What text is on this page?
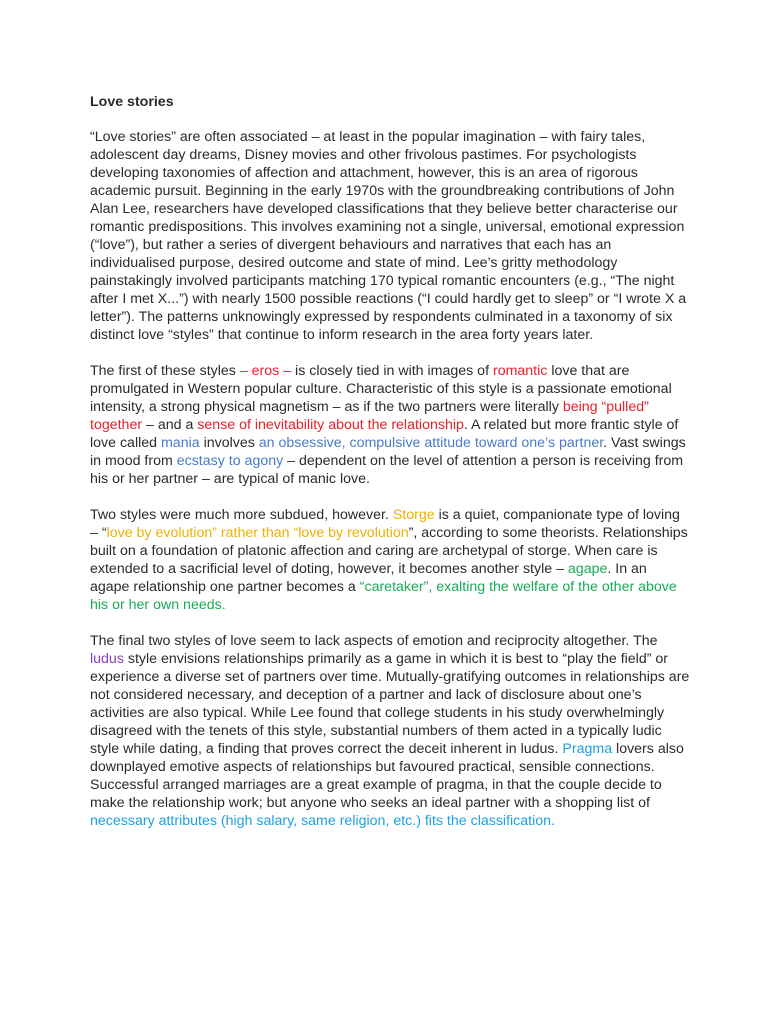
Love stories
“Love stories” are often associated – at least in the popular imagination – with fairy tales, adolescent day dreams, Disney movies and other frivolous pastimes. For psychologists developing taxonomies of affection and attachment, however, this is an area of rigorous academic pursuit. Beginning in the early 1970s with the groundbreaking contributions of John Alan Lee, researchers have developed classifications that they believe better characterise our romantic predispositions. This involves examining not a single, universal, emotional expression (“love”), but rather a series of divergent behaviours and narratives that each has an individualised purpose, desired outcome and state of mind. Lee’s gritty methodology painstakingly involved participants matching 170 typical romantic encounters (e.g., “The night after I met X...”) with nearly 1500 possible reactions (“I could hardly get to sleep” or “I wrote X a letter”). The patterns unknowingly expressed by respondents culminated in a taxonomy of six distinct love “styles” that continue to inform research in the area forty years later.
The first of these styles – eros – is closely tied in with images of romantic love that are promulgated in Western popular culture. Characteristic of this style is a passionate emotional intensity, a strong physical magnetism – as if the two partners were literally being “pulled” together – and a sense of inevitability about the relationship. A related but more frantic style of love called mania involves an obsessive, compulsive attitude toward one’s partner. Vast swings in mood from ecstasy to agony – dependent on the level of attention a person is receiving from his or her partner – are typical of manic love.
Two styles were much more subdued, however. Storge is a quiet, companionate type of loving – “love by evolution” rather than “love by revolution”, according to some theorists. Relationships built on a foundation of platonic affection and caring are archetypal of storge. When care is extended to a sacrificial level of doting, however, it becomes another style – agape. In an agape relationship one partner becomes a “caretaker”, exalting the welfare of the other above his or her own needs.
The final two styles of love seem to lack aspects of emotion and reciprocity altogether. The ludus style envisions relationships primarily as a game in which it is best to “play the field” or experience a diverse set of partners over time. Mutually-gratifying outcomes in relationships are not considered necessary, and deception of a partner and lack of disclosure about one’s activities are also typical. While Lee found that college students in his study overwhelmingly disagreed with the tenets of this style, substantial numbers of them acted in a typically ludic style while dating, a finding that proves correct the deceit inherent in ludus. Pragma lovers also downplayed emotive aspects of relationships but favoured practical, sensible connections. Successful arranged marriages are a great example of pragma, in that the couple decide to make the relationship work; but anyone who seeks an ideal partner with a shopping list of necessary attributes (high salary, same religion, etc.) fits the classification.
